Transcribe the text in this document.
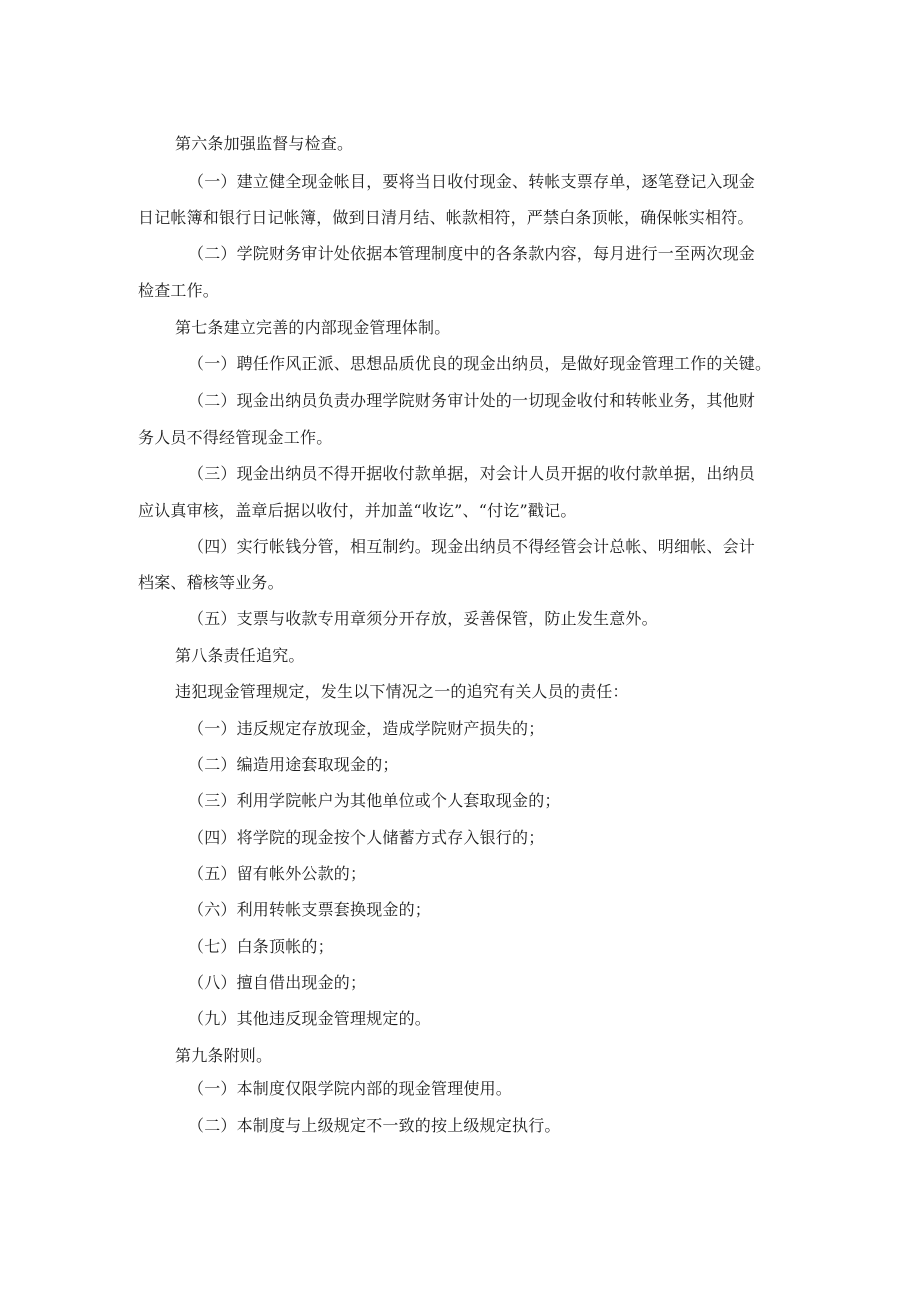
第六条加强监督与检查。
（一）建立健全现金帐目，要将当日收付现金、转帐支票存单，逐笔登记入现金
日记帐簿和银行日记帐簿，做到日清月结、帐款相符，严禁白条顶帐，确保帐实相符。
（二）学院财务审计处依据本管理制度中的各条款内容，每月进行一至两次现金
检查工作。
第七条建立完善的内部现金管理体制。
（一）聘任作风正派、思想品质优良的现金出纳员，是做好现金管理工作的关键。
（二）现金出纳员负责办理学院财务审计处的一切现金收付和转帐业务，其他财
务人员不得经管现金工作。
（三）现金出纳员不得开据收付款单据，对会计人员开据的收付款单据，出纳员
应认真审核，盖章后据以收付，并加盖“收讫”、“付讫”戳记。
（四）实行帐钱分管，相互制约。现金出纳员不得经管会计总帐、明细帐、会计
档案、稽核等业务。
（五）支票与收款专用章须分开存放，妥善保管，防止发生意外。
第八条责任追究。
违犯现金管理规定，发生以下情况之一的追究有关人员的责任：
（一）违反规定存放现金，造成学院财产损失的；
（二）编造用途套取现金的；
（三）利用学院帐户为其他单位或个人套取现金的；
（四）将学院的现金按个人储蓄方式存入银行的；
（五）留有帐外公款的；
（六）利用转帐支票套换现金的；
（七）白条顶帐的；
（八）擅自借出现金的；
（九）其他违反现金管理规定的。
第九条附则。
（一）本制度仅限学院内部的现金管理使用。
（二）本制度与上级规定不一致的按上级规定执行。
